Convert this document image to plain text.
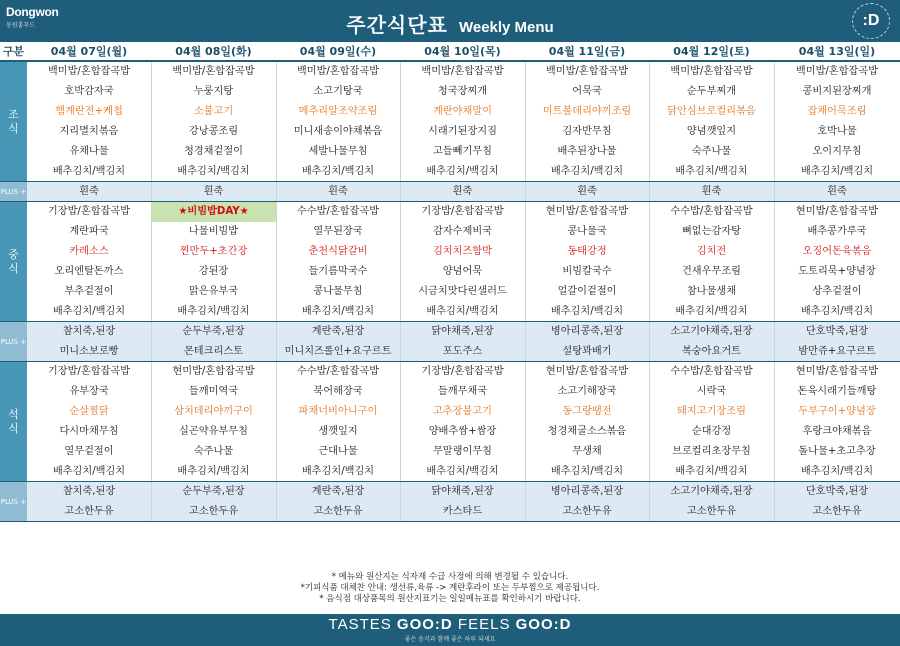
Dongwon
동원홈푸드	주간식단표 Weekly Menu	:D
구분	04월 07일(월)	04월 08일(화)	04월 09일(수)	04월 10일(목)	04월 11일(금)	04월 12일(토)	04월 13일(일)
조식
백미밥/혼합잡곡밥	백미밥/혼합잡곡밥	백미밥/혼합잡곡밥	백미밥/혼합잡곡밥	백미밥/혼합잡곡밥	백미밥/혼합잡곡밥	백미밥/혼합잡곡밥
호박감자국	누룽지탕	소고기탕국	청국장찌개	어묵국	순두부찌개	콩비지된장찌개
햄계란전+케첩	소불고기	메추리알조약조림	계란야채말이	미트볼데리야끼조림	닭안심브로컬리볶음	잡채어묵조림
지리멸치볶음	강낭콩조림	미니새송이야채볶음	시래기된장지짐	김자반무침	양념깻잎지	호박나물
유채나물	청경채겉절이	세발나물무침	고들빼기무침	배추된장나물	숙주나물	오이지무침
배추김치/백김치	배추김치/백김치	배추김치/백김치	배추김치/백김치	배추김치/백김치	배추김치/백김치	배추김치/백김치
PLUS +	흰죽	흰죽	흰죽	흰죽	흰죽	흰죽	흰죽
중식
기장밥/혼합잡곡밥	★비빔밥DAY★	수수밥/혼합잡곡밥	기장밥/혼합잡곡밥	현미밥/혼합잡곡밥	수수밥/혼합잡곡밥	현미밥/혼합잡곡밥
계란파국	나물비빔밥	열무된장국	감자수제비국	콩나물국	뼈없는감자탕	배추콩가루국
카레소스	찐만두+초간장	춘천식닭갈비	김치치즈함박	동태강정	김치전	오징어돈육볶음
오리엔탈돈까스	강된장	들기름막국수	양념어묵	비빔칼국수	건새우무조림	도토리묵+양념장
부추겉절이	맑은유부국	콩나물무침	시금치맛다린샐러드	얼갈이겉절이	참나물생채	상추겉절이
배추김치/백김치	배추김치/백김치	배추김치/백김치	배추김치/백김치	배추김치/백김치	배추김치/백김치	배추김치/백김치
PLUS +
참치죽,된장	순두부죽,된장	계란죽,된장	닭야채죽,된장	병아리콩죽,된장	소고기야채죽,된장	단호박죽,된장
미니소보로빵	몬테크리스토	미니치즈롤인+요구르트	포도주스	설탕꽈배기	복숭아요거트	밤만쥬+요구르트
석식
기장밥/혼합잡곡밥	현미밥/혼합잡곡밥	수수밥/혼합잡곡밥	기장밥/혼합잡곡밥	현미밥/혼합잡곡밥	수수밥/혼합잡곡밥	현미밥/혼합잡곡밥
유부장국	들깨미역국	북어해장국	들깨무채국	소고기해장국	시락국	돈육시래기들깨탕
순살찜닭	삼치데리야끼구이	파채너비아니구이	고추장불고기	동그랑땡전	돼지고기장조림	두부구이+양념장
다시마채무침	실곤약유부무침	생깻잎지	양배추쌈+쌈장	청경채굴소스볶음	순대강정	후랑크야채볶음
열무겉절이	숙주나물	근대나물	무말랭이무침	무생채	브로컬리초장무침	돌나물+초고추장
배추김치/백김치	배추김치/백김치	배추김치/백김치	배추김치/백김치	배추김치/백김치	배추김치/백김치	배추김치/백김치
PLUS +
참치죽,된장	순두부죽,된장	계란죽,된장	닭야채죽,된장	병아리콩죽,된장	소고기야채죽,된장	단호박죽,된장
고소한두유	고소한두유	고소한두유	카스타드	고소한두유	고소한두유	고소한두유
* 메뉴와 원산지는 식자재 수급 사정에 의해 변경될 수 있습니다.
*기피식품 대체찬 안내: 생선류,육류 -> 계란후라이 또는 두부찜으로 제공됩니다.
* 음식점 대상품목의 원산지표기는 일일메뉴표를 확인하시기 바랍니다.
TASTES GOO:D FEELS GOO:D
좋은 음식과 함께 좋은 하루 되세요
